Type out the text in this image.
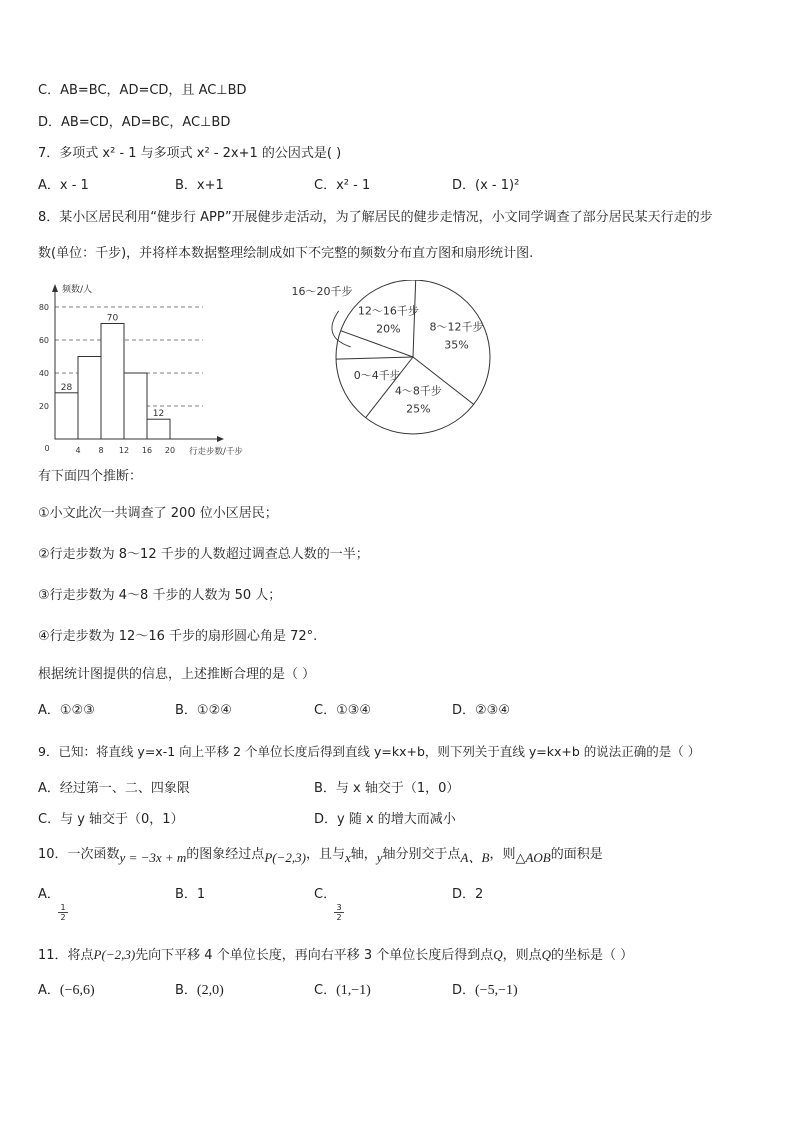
C．AB=BC，AD=CD，且 AC⊥BD
D．AB=CD，AD=BC，AC⊥BD
7．多项式 x² - 1 与多项式 x² - 2x+1 的公因式是( )
A．x - 1	B．x+1	C．x² - 1	D．(x - 1)²
8．某小区居民利用“健步行 APP”开展健步走活动，为了解居民的健步走情况，小文同学调查了部分居民某天行走的步
数(单位：千步)，并将样本数据整理绘制成如下不完整的频数分布直方图和扇形统计图.
20
40
60
80
28
70
12
频数/人
0	4 8 12 16 20 行走步数/千步
12～16千步
20%	8～12千步
35%
4～8千步
25%
0～4千步
16～20千步
有下面四个推断：
①小文此次一共调查了 200 位小区居民；
②行走步数为 8～12 千步的人数超过调查总人数的一半；
③行走步数为 4～8 千步的人数为 50 人；
④行走步数为 12～16 千步的扇形圆心角是 72°.
根据统计图提供的信息，上述推断合理的是（ ）
A．①②③	B．①②④	C．①③④	D．②③④
9．已知：将直线 y=x-1 向上平移 2 个单位长度后得到直线 y=kx+b，则下列关于直线 y=kx+b 的说法正确的是（ ）
A．经过第一、二、四象限	B．与 x 轴交于（1，0）
C．与 y 轴交于（0，1）	D．y 随 x 的增大而减小
10．一次函数y = −3x + m的图象经过点P(−2,3)，且与x轴，y轴分别交于点A、B，则△AOB的面积是
A．
$\frac{1}{2}$
B．1	C．
$\frac{3}{2}$
D．2
11．将点P(−2,3)先向下平移 4 个单位长度，再向右平移 3 个单位长度后得到点Q，则点Q的坐标是（ ）
A．(−6,6)	B．(2,0)	C．(1,−1)	D．(−5,−1)
